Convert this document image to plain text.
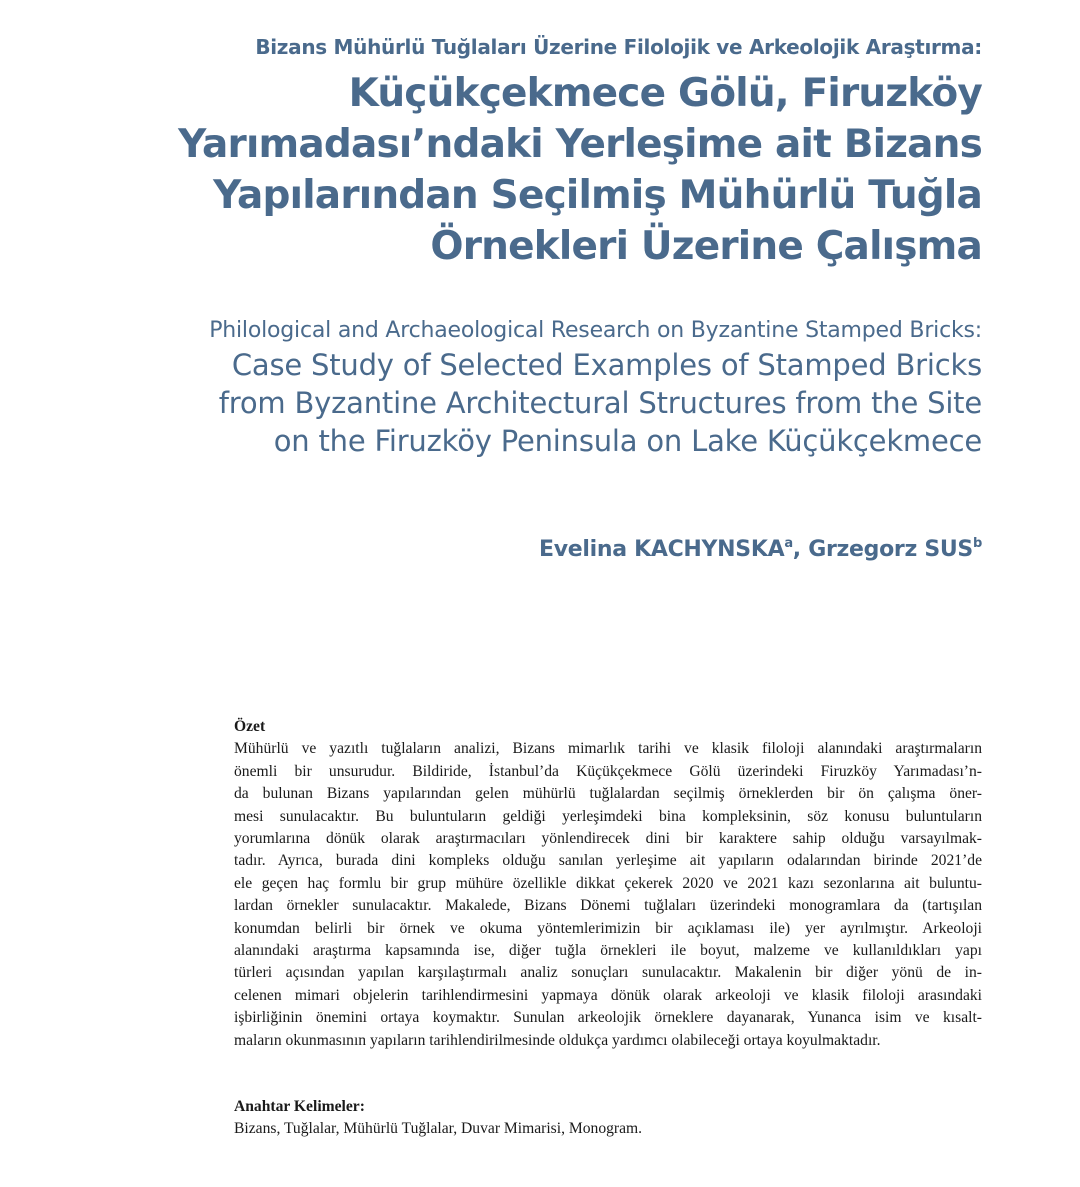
Bizans Mühürlü Tuğlaları Üzerine Filolojik ve Arkeolojik Araştırma:
Küçükçekmece Gölü, Firuzköy
Yarımadası’ndaki Yerleşime ait Bizans
Yapılarından Seçilmiş Mühürlü Tuğla
Örnekleri Üzerine Çalışma
Philological and Archaeological Research on Byzantine Stamped Bricks:
Case Study of Selected Examples of Stamped Bricks
from Byzantine Architectural Structures from the Site
on the Firuzköy Peninsula on Lake Küçükçekmece
Evelina KACHYNSKA$^a$, Grzegorz SUS$^b$

Özet

Mühürlü ve yazıtlı tuğlaların analizi, Bizans mimarlık tarihi ve klasik filoloji alanındaki araştırmaların
önemli bir unsurudur. Bildiride, İstanbul’da Küçükçekmece Gölü üzerindeki Firuzköy Yarımadası’n-
da bulunan Bizans yapılarından gelen mühürlü tuğlalardan seçilmiş örneklerden bir ön çalışma öner-
mesi sunulacaktır. Bu buluntuların geldiği yerleşimdeki bina kompleksinin, söz konusu buluntuların
yorumlarına dönük olarak araştırmacıları yönlendirecek dini bir karaktere sahip olduğu varsayılmak-
tadır. Ayrıca, burada dini kompleks olduğu sanılan yerleşime ait yapıların odalarından birinde 2021’de
ele geçen haç formlu bir grup mühüre özellikle dikkat çekerek 2020 ve 2021 kazı sezonlarına ait buluntu-
lardan örnekler sunulacaktır. Makalede, Bizans Dönemi tuğlaları üzerindeki monogramlara da (tartışılan
konumdan belirli bir örnek ve okuma yöntemlerimizin bir açıklaması ile) yer ayrılmıştır. Arkeoloji
alanındaki araştırma kapsamında ise, diğer tuğla örnekleri ile boyut, malzeme ve kullanıldıkları yapı
türleri açısından yapılan karşılaştırmalı analiz sonuçları sunulacaktır. Makalenin bir diğer yönü de in-
celenen mimari objelerin tarihlendirmesini yapmaya dönük olarak arkeoloji ve klasik filoloji arasındaki
işbirliğinin önemini ortaya koymaktır. Sunulan arkeolojik örneklere dayanarak, Yunanca isim ve kısalt-
maların okunmasının yapıların tarihlendirilmesinde oldukça yardımcı olabileceği ortaya koyulmaktadır.

Anahtar Kelimeler:

Bizans, Tuğlalar, Mühürlü Tuğlalar, Duvar Mimarisi, Monogram.
